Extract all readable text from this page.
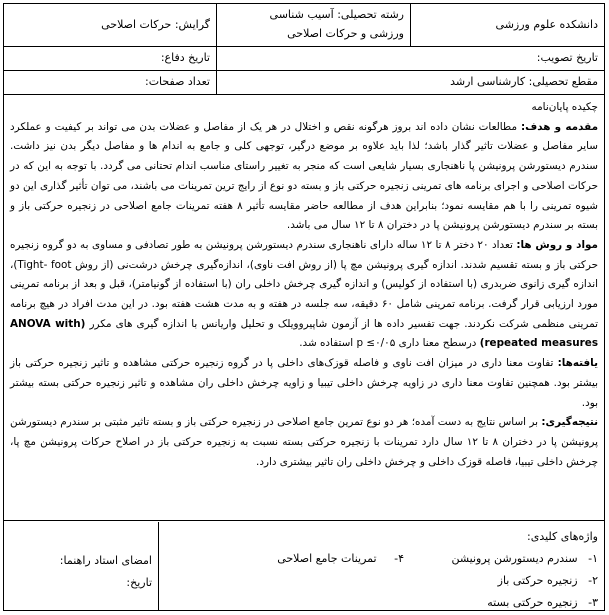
دانشکده علوم ورزشی
رشته تحصیلی: آسیب شناسی
ورزشی و حرکات اصلاحی
گرایش: حرکات اصلاحی
تاریخ تصویب:
تاریخ دفاع:
مقطع تحصیلی: کارشناسی ارشد
تعداد صفحات:

چکیده پایان‌نامه

مقدمه و هدف: مطالعات نشان داده اند بروز هرگونه نقص و اختلال در هر یک از مفاصل و عضلات بدن می تواند بر کیفیت و عملکرد سایر مفاصل و عضلات تاثیر گذار باشد؛ لذا باید علاوه بر موضع درگیر، توجهی کلی و جامع به اندام ها و مفاصل دیگر بدن نیز داشت. سندرم دیستورشن پرونیشن پا ناهنجاری بسیار شایعی است که منجر به تغییر راستای مناسب اندام تحتانی می گردد. با توجه به این که در حرکات اصلاحی و اجرای برنامه های تمرینی زنجیره حرکتی باز و بسته دو نوع از رایج ترین تمرینات می باشند، می توان تأثیر گذاری این دو شیوه تمرینی را با هم مقایسه نمود؛ بنابراین هدف از مطالعه حاضر مقایسه تأثیر ۸ هفته تمرینات جامع اصلاحی در زنجیره حرکتی باز و بسته بر سندرم دیستورشن پرونیشن پا در دختران ۸ تا ۱۲ سال می باشد.

مواد و روش ها: تعداد ۲۰ دختر ۸ تا ۱۲ ساله دارای ناهنجاری سندرم دیستورشن پرونیشن به طور تصادفی و مساوی به دو گروه زنجیره حرکتی باز و بسته تقسیم شدند. اندازه گیری پرونیشن مچ پا (از روش افت ناوی)، اندازه‌گیری چرخش درشت‌نی (از روش Tight- foot)، اندازه گیری زانوی ضربدری (با استفاده از کولیس) و اندازه گیری چرخش داخلی ران (با استفاده از گونیامتر)، قبل و بعد از برنامه تمرینی مورد ارزیابی قرار گرفت. برنامه تمرینی شامل ۶۰ دقیقه، سه جلسه در هفته و به مدت هشت هفته بود. در این مدت افراد در هیچ برنامه تمرینی منظمی شرکت نکردند. جهت تفسیر داده ها از آزمون شاپیرو‌ویلک و تحلیل واریانس با اندازه گیری های مکرر (ANOVA with repeated measures) درسطح معنا داری p ≤۰/۰۵ استفاده شد.

یافته‌ها: تفاوت معنا داری در میزان افت ناوی و فاصله قوزک‌های داخلی پا در گروه زنجیره حرکتی مشاهده و تاثیر زنجیره حرکتی باز بیشتر بود. همچنین تفاوت معنا داری در زاویه چرخش داخلی تیبیا و زاویه چرخش داخلی ران مشاهده و تاثیر زنجیره حرکتی بسته بیشتر بود.

نتیجه‌گیری: بر اساس نتایج به دست آمده؛ هر دو نوع تمرین جامع اصلاحی در زنجیره حرکتی باز و بسته تاثیر مثبتی بر سندرم دیستورشن پرونیشن پا در دختران ۸ تا ۱۲ سال دارد تمرینات با زنجیره حرکتی بسته نسبت به زنجیره حرکتی باز در اصلاح حرکات پرونیشن مچ پا، چرخش داخلی تیبیا، فاصله قوزک داخلی و چرخش داخلی ران تاثیر بیشتری دارد.

واژه‌های کلیدی:
۱-   سندرم دیستورشن پرونیشن
۲-   زنجیره حرکتی باز
۳-   زنجیره حرکتی بسته
۴-     تمرینات جامع اصلاحی
امضای استاد راهنما:
تاریخ:
